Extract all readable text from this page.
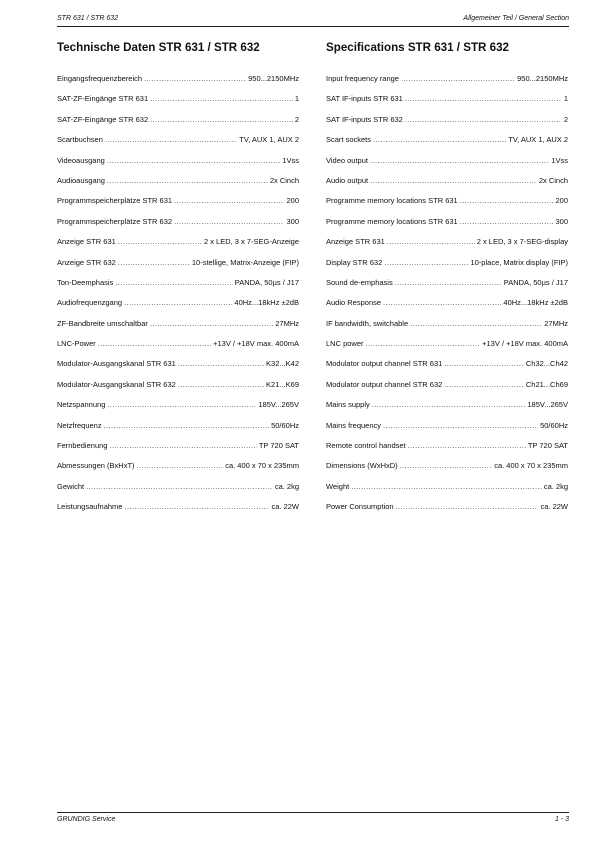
STR 631 / STR 632	Allgemeiner Teil / General Section
Technische Daten STR 631 / STR 632
Eingangsfrequenzbereich .....	950...2150MHz
SAT-ZF-Eingänge STR 631 .....	1
SAT-ZF-Eingänge STR 632 .....	2
Scartbuchsen .....	TV, AUX 1, AUX 2
Videoausgang .....	1Vss
Audioausgang .....	2x Cinch
Programmspeicherplätze STR 631 .....	200
Programmspeicherplätze STR 632 .....	300
Anzeige STR 631 .....	2 x LED, 3 x 7-SEG-Anzeige
Anzeige STR 632 .....	10-stellige, Matrix-Anzeige (FIP)
Ton-Deemphasis .....	PANDA, 50µs / J17
Audiofrequenzgang .....	40Hz...18kHz ±2dB
ZF-Bandbreite umschaltbar .....	27MHz
LNC-Power .....	+13V / +18V max. 400mA
Modulator-Ausgangskanal STR 631 .....	K32...K42
Modulator-Ausgangskanal STR 632 .....	K21...K69
Netzspannung .....	185V...265V
Netzfrequenz .....	50/60Hz
Fernbedienung .....	TP 720 SAT
Abmessungen (BxHxT) .....	ca. 400 x 70 x 235mm
Gewicht .....	ca. 2kg
Leistungsaufnahme .....	ca. 22W
Specifications STR 631 / STR 632
Input frequency range .....	950...2150MHz
SAT IF-inputs STR 631 .....	1
SAT IF-inputs STR 632 .....	2
Scart sockets .....	TV, AUX 1, AUX 2
Video output .....	1Vss
Audio output .....	2x Cinch
Programme memory locations STR 631 .....	200
Programme memory locations STR 631 .....	300
Anzeige STR 631 .....	2 x LED, 3 x 7-SEG-display
Display STR 632 .....	10-place, Matrix display (FIP)
Sound de-emphasis .....	PANDA, 50µs / J17
Audio Response .....	40Hz...18kHz ±2dB
IF bandwidth, switchable .....	27MHz
LNC power .....	+13V / +18V max. 400mA
Modulator output channel STR 631 .....	Ch32...Ch42
Modulator output channel STR 632 .....	Ch21...Ch69
Mains supply .....	185V...265V
Mains frequency .....	50/60Hz
Remote control handset .....	TP 720 SAT
Dimensions (WxHxD) .....	ca. 400 x 70 x 235mm
Weight .....	ca. 2kg
Power Consumption .....	ca. 22W
GRUNDIG Service	1 - 3
